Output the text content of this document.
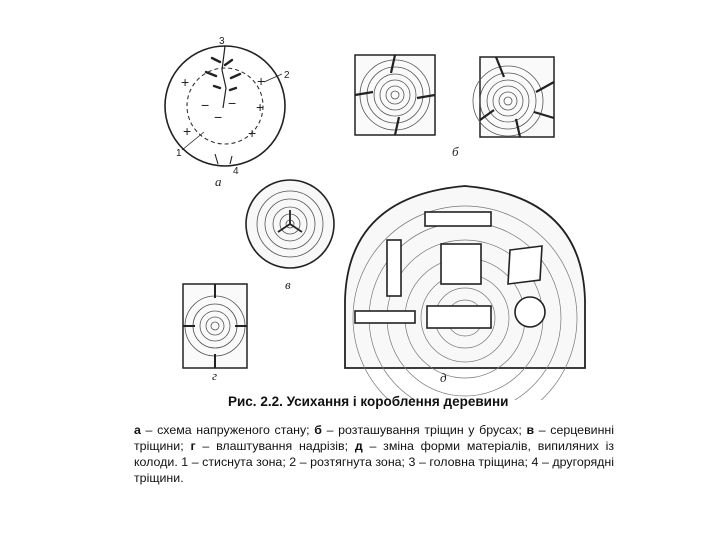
+	+
+
+
+
− −
−
3
2
1
4
а
б
в
г	д
Рис. 2.2. Усихання і короблення деревини
а – схема напруженого стану; б – розташування тріщин у брусах; в – серцевинні тріщини; г – влаштування надрізів; д – зміна форми матеріалів, випиляних із колоди. 1 – стиснута зона; 2 – розтягнута зона; 3 – головна тріщина; 4 – другорядні тріщини.
